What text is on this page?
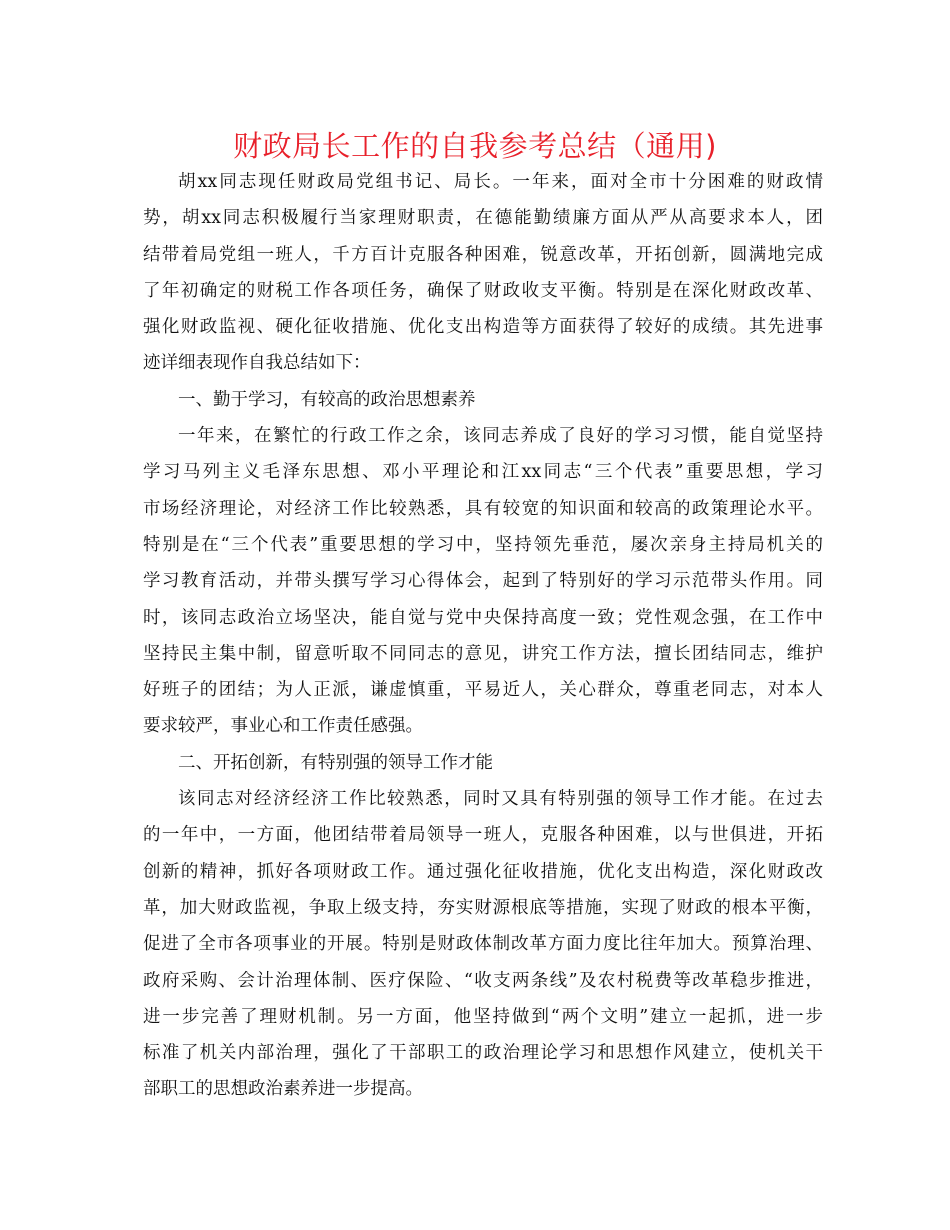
财政局长工作的自我参考总结（通用)
胡xx同志现任财政局党组书记、局长。一年来，面对全市十分困难的财政情
势，胡xx同志积极履行当家理财职责，在德能勤绩廉方面从严从高要求本人，团
结带着局党组一班人，千方百计克服各种困难，锐意改革，开拓创新，圆满地完成
了年初确定的财税工作各项任务，确保了财政收支平衡。特别是在深化财政改革、
强化财政监视、硬化征收措施、优化支出构造等方面获得了较好的成绩。其先进事
迹详细表现作自我总结如下：
一、勤于学习，有较高的政治思想素养
一年来，在繁忙的行政工作之余，该同志养成了良好的学习习惯，能自觉坚持
学习马列主义毛泽东思想、邓小平理论和江xx同志“三个代表”重要思想，学习
市场经济理论，对经济工作比较熟悉，具有较宽的知识面和较高的政策理论水平。
特别是在“三个代表”重要思想的学习中，坚持领先垂范，屡次亲身主持局机关的
学习教育活动，并带头撰写学习心得体会，起到了特别好的学习示范带头作用。同
时，该同志政治立场坚决，能自觉与党中央保持高度一致；党性观念强，在工作中
坚持民主集中制，留意听取不同同志的意见，讲究工作方法，擅长团结同志，维护
好班子的团结；为人正派，谦虚慎重，平易近人，关心群众，尊重老同志，对本人
要求较严，事业心和工作责任感强。
二、开拓创新，有特别强的领导工作才能
该同志对经济经济工作比较熟悉，同时又具有特别强的领导工作才能。在过去
的一年中，一方面，他团结带着局领导一班人，克服各种困难，以与世俱进，开拓
创新的精神，抓好各项财政工作。通过强化征收措施，优化支出构造，深化财政改
革，加大财政监视，争取上级支持，夯实财源根底等措施，实现了财政的根本平衡，
促进了全市各项事业的开展。特别是财政体制改革方面力度比往年加大。预算治理、
政府采购、会计治理体制、医疗保险、“收支两条线”及农村税费等改革稳步推进，
进一步完善了理财机制。另一方面，他坚持做到“两个文明”建立一起抓，进一步
标准了机关内部治理，强化了干部职工的政治理论学习和思想作风建立，使机关干
部职工的思想政治素养进一步提高。
